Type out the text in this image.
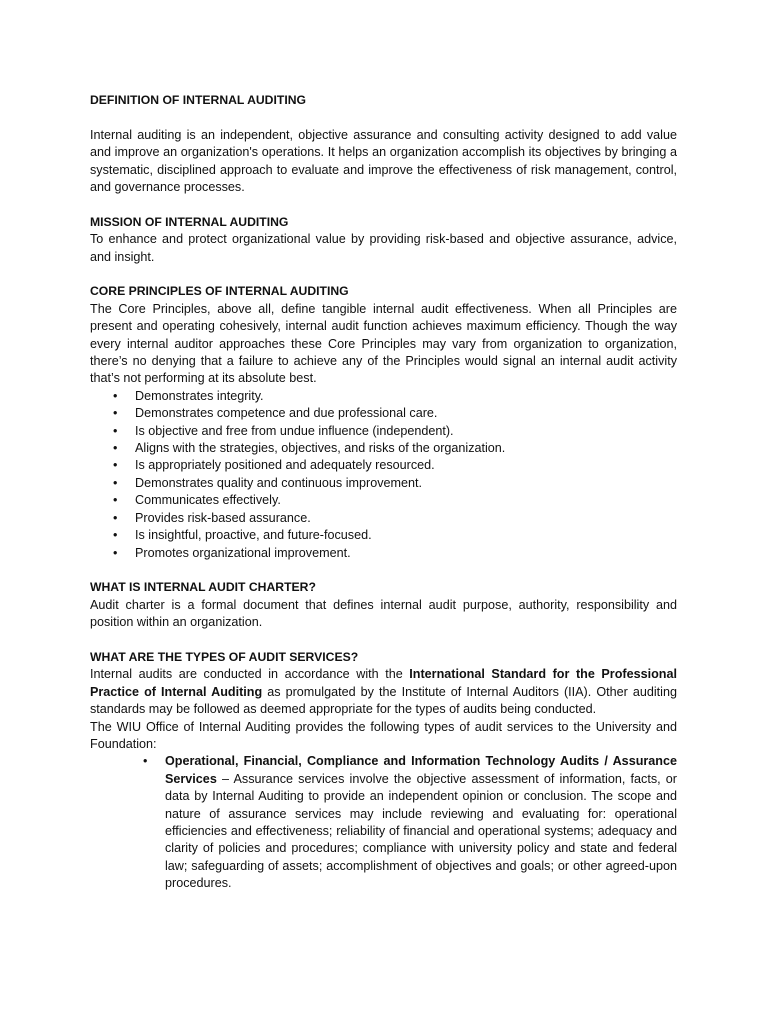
DEFINITION OF INTERNAL AUDITING

Internal auditing is an independent, objective assurance and consulting activity designed to add value and improve an organization's operations. It helps an organization accomplish its objectives by bringing a systematic, disciplined approach to evaluate and improve the effectiveness of risk management, control, and governance processes.

MISSION OF INTERNAL AUDITING

To enhance and protect organizational value by providing risk-based and objective assurance, advice, and insight.

CORE PRINCIPLES OF INTERNAL AUDITING

The Core Principles, above all, define tangible internal audit effectiveness. When all Principles are present and operating cohesively, internal audit function achieves maximum efficiency. Though the way every internal auditor approaches these Core Principles may vary from organization to organization, there’s no denying that a failure to achieve any of the Principles would signal an internal audit activity that’s not performing at its absolute best.

• Demonstrates integrity.
• Demonstrates competence and due professional care.
• Is objective and free from undue influence (independent).
• Aligns with the strategies, objectives, and risks of the organization.
• Is appropriately positioned and adequately resourced.
• Demonstrates quality and continuous improvement.
• Communicates effectively.
• Provides risk-based assurance.
• Is insightful, proactive, and future-focused.
• Promotes organizational improvement.

WHAT IS INTERNAL AUDIT CHARTER?

Audit charter is a formal document that defines internal audit purpose, authority, responsibility and position within an organization.

WHAT ARE THE TYPES OF AUDIT SERVICES?

Internal audits are conducted in accordance with the International Standard for the Professional Practice of Internal Auditing as promulgated by the Institute of Internal Auditors (IIA). Other auditing standards may be followed as deemed appropriate for the types of audits being conducted.

The WIU Office of Internal Auditing provides the following types of audit services to the University and Foundation:

• Operational, Financial, Compliance and Information Technology Audits / Assurance Services – Assurance services involve the objective assessment of information, facts, or data by Internal Auditing to provide an independent opinion or conclusion. The scope and nature of assurance services may include reviewing and evaluating for: operational efficiencies and effectiveness; reliability of financial and operational systems; adequacy and clarity of policies and procedures; compliance with university policy and state and federal law; safeguarding of assets; accomplishment of objectives and goals; or other agreed-upon procedures.
